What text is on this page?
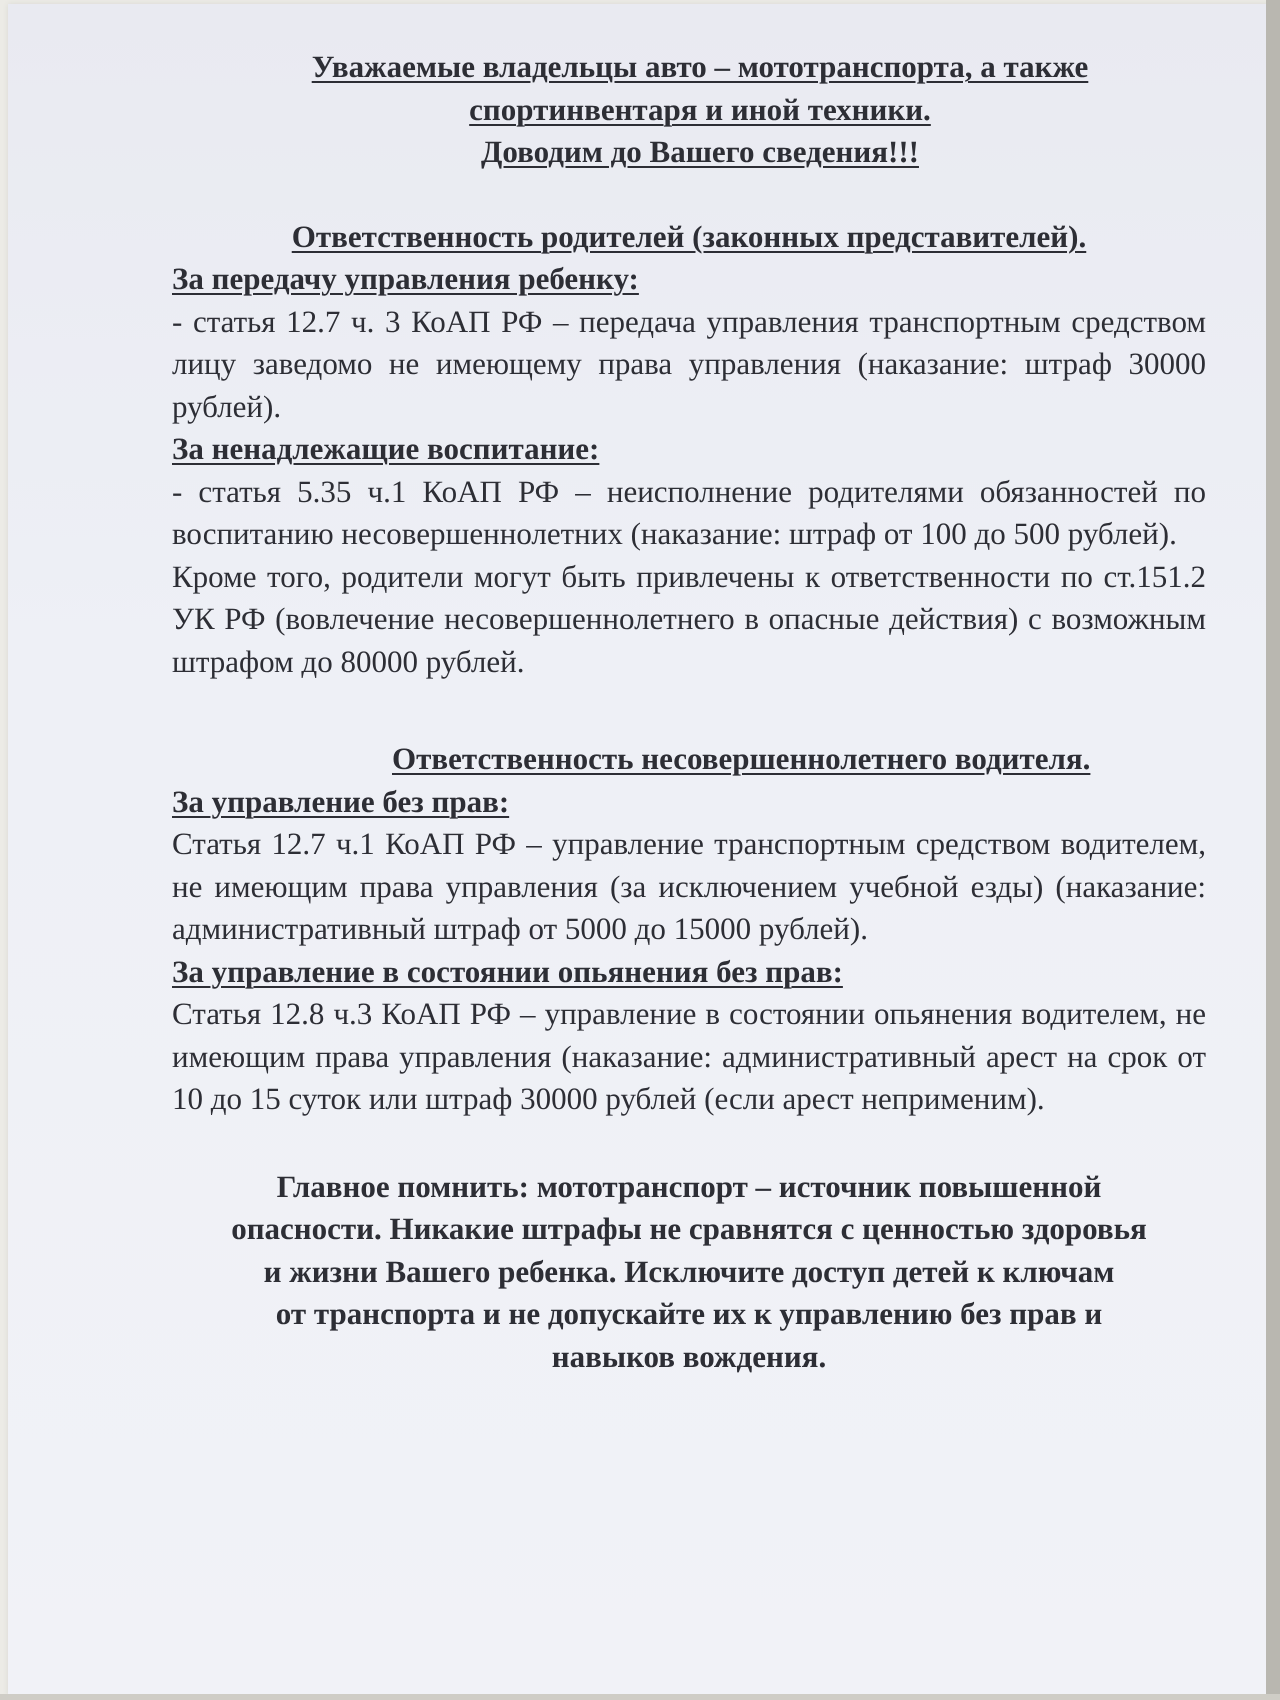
Уважаемые владельцы авто – мототранспорта, а также
спортинвентаря и иной техники.
Доводим до Вашего сведения!!!
Ответственность родителей (законных представителей).
За передачу управления ребенку:

- статья 12.7 ч. 3 КоАП РФ – передача управления транспортным средством лицу заведомо не имеющему права управления (наказание: штраф 30000 рублей).

За ненадлежащие воспитание:

- статья 5.35 ч.1 КоАП РФ – неисполнение родителями обязанностей по воспитанию несовершеннолетних (наказание: штраф от 100 до 500 рублей).

Кроме того, родители могут быть привлечены к ответственности по ст.151.2 УК РФ (вовлечение несовершеннолетнего в опасные действия) с возможным штрафом до 80000 рублей.

Ответственность несовершеннолетнего водителя.
За управление без прав:

Статья 12.7 ч.1 КоАП РФ – управление транспортным средством водителем, не имеющим права управления (за исключением учебной езды) (наказание: административный штраф от 5000 до 15000 рублей).

За управление в состоянии опьянения без прав:

Статья 12.8 ч.3 КоАП РФ – управление в состоянии опьянения водителем, не имеющим права управления (наказание: административный арест на срок от 10 до 15 суток или штраф 30000 рублей (если арест неприменим).

Главное помнить: мототранспорт – источник повышенной
опасности. Никакие штрафы не сравнятся с ценностью здоровья
и жизни Вашего ребенка. Исключите доступ детей к ключам
от транспорта и не допускайте их к управлению без прав и
навыков вождения.
